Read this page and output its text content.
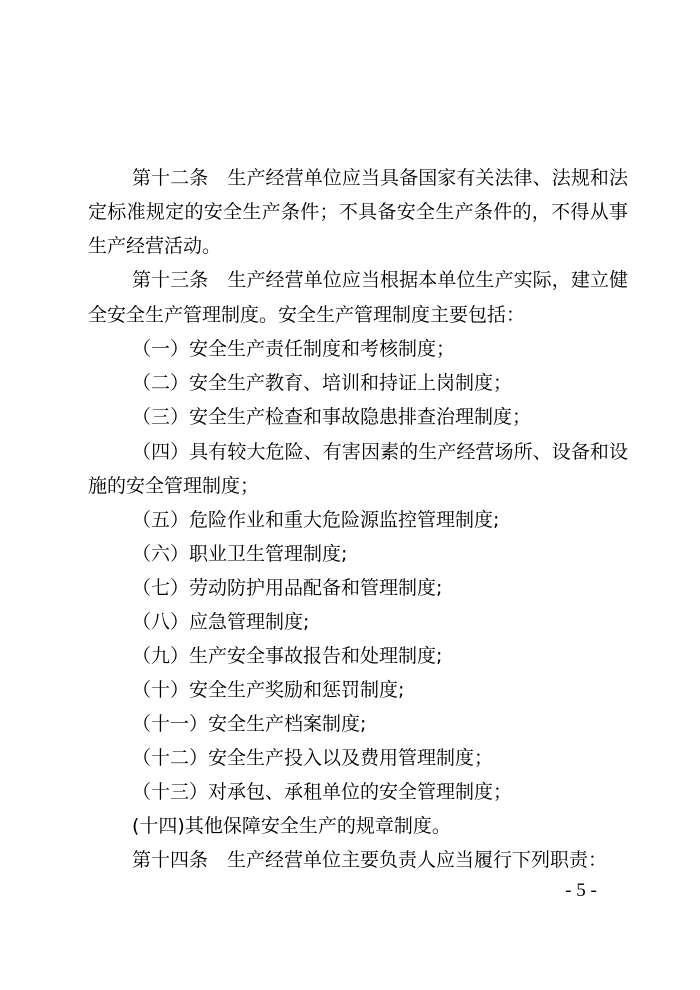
第十二条　生产经营单位应当具备国家有关法律、法规和法
定标准规定的安全生产条件；不具备安全生产条件的，不得从事
生产经营活动。
第十三条　生产经营单位应当根据本单位生产实际，建立健
全安全生产管理制度。安全生产管理制度主要包括：
（一）安全生产责任制度和考核制度；
（二）安全生产教育、培训和持证上岗制度；
（三）安全生产检查和事故隐患排查治理制度；
（四）具有较大危险、有害因素的生产经营场所、设备和设
施的安全管理制度；
（五）危险作业和重大危险源监控管理制度;
（六）职业卫生管理制度;
（七）劳动防护用品配备和管理制度;
（八）应急管理制度;
（九）生产安全事故报告和处理制度;
（十）安全生产奖励和惩罚制度;
（十一）安全生产档案制度;
（十二）安全生产投入以及费用管理制度；
（十三）对承包、承租单位的安全管理制度；
(十四)其他保障安全生产的规章制度。
第十四条　生产经营单位主要负责人应当履行下列职责：
- 5 -
